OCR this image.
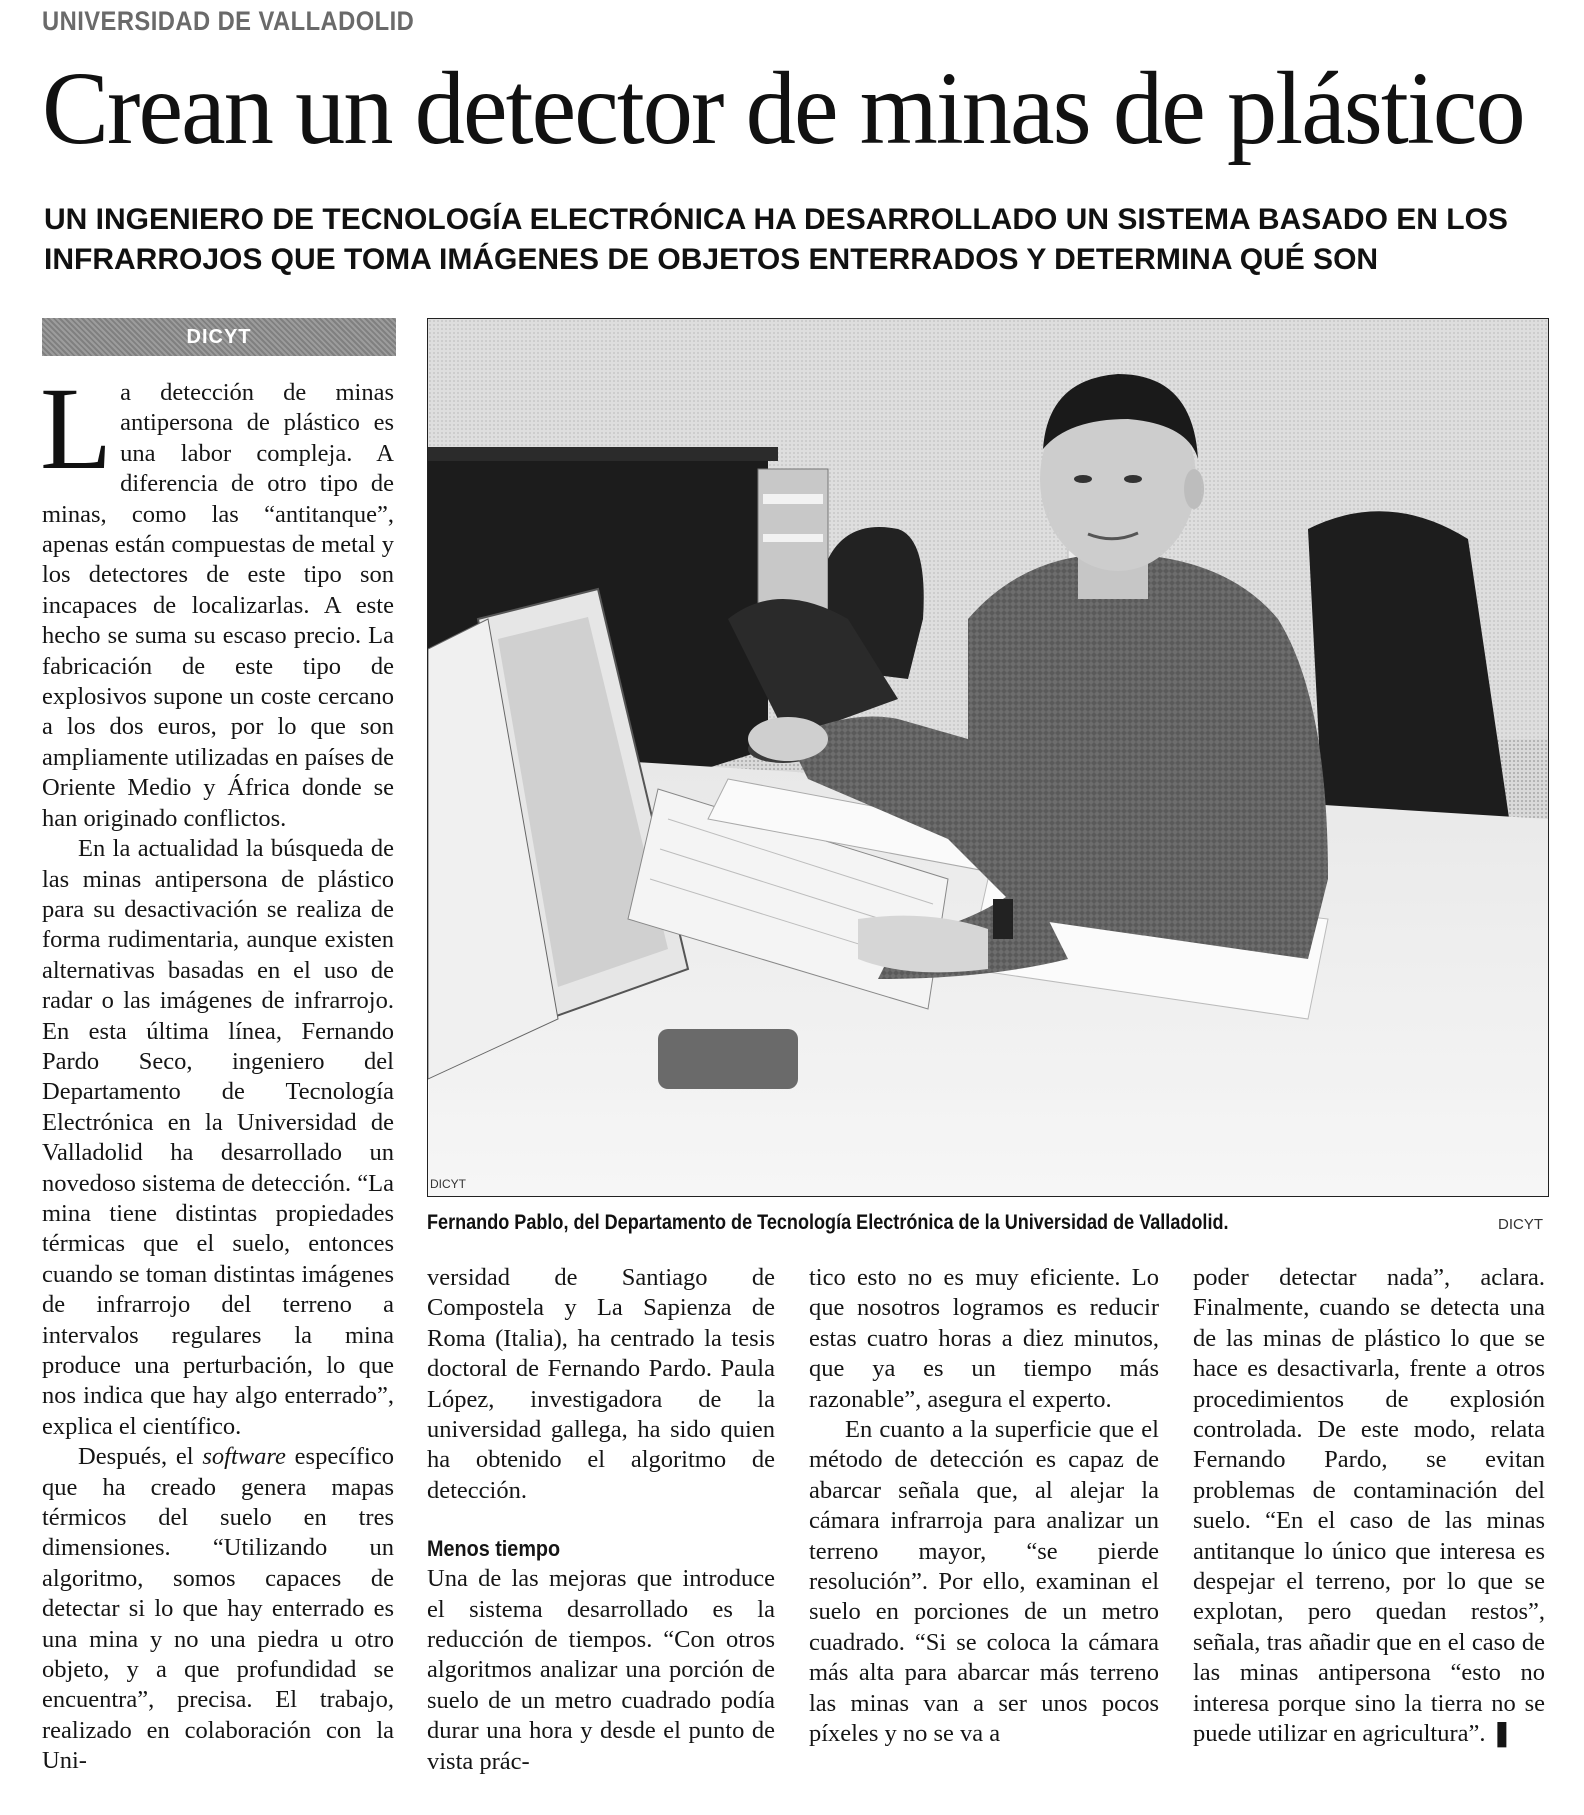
UNIVERSIDAD DE VALLADOLID
Crean un detector de minas de plástico
UN INGENIERO DE TECNOLOGÍA ELECTRÓNICA HA DESARROLLADO UN SISTEMA BASADO EN LOS INFRARROJOS QUE TOMA IMÁGENES DE OBJETOS ENTERRADOS Y DETERMINA QUÉ SON
DICYT

La detección de minas antipersona de plástico es una labor compleja. A diferencia de otro tipo de minas, como las “antitanque”, apenas están compuestas de metal y los detectores de este tipo son incapaces de localizarlas. A este hecho se suma su escaso precio. La fabricación de este tipo de explosivos supone un coste cercano a los dos euros, por lo que son ampliamente utilizadas en países de Oriente Medio y África donde se han originado conflictos.

En la actualidad la búsqueda de las minas antipersona de plástico para su desactivación se realiza de forma rudimentaria, aunque existen alternativas basadas en el uso de radar o las imágenes de infrarrojo. En esta última línea, Fernando Pardo Seco, ingeniero del Departamento de Tecnología Electrónica en la Universidad de Valladolid ha desarrollado un novedoso sistema de detección. “La mina tiene distintas propiedades térmicas que el suelo, entonces cuando se toman distintas imágenes de infrarrojo del terreno a intervalos regulares la mina produce una perturbación, lo que nos indica que hay algo enterrado”, explica el científico.

Después, el software específico que ha creado genera mapas térmicos del suelo en tres dimensiones. “Utilizando un algoritmo, somos capaces de detectar si lo que hay enterrado es una mina y no una piedra u otro objeto, y a que profundidad se encuentra”, precisa. El trabajo, realizado en colaboración con la Uni-

DICYT
Fernando Pablo, del Departamento de Tecnología Electrónica de la Universidad de Valladolid.	DICYT

versidad de Santiago de Compostela y La Sapienza de Roma (Italia), ha centrado la tesis doctoral de Fernando Pardo. Paula López, investigadora de la universidad gallega, ha sido quien ha obtenido el algoritmo de detección.

Menos tiempo

Una de las mejoras que introduce el sistema desarrollado es la reducción de tiempos. “Con otros algoritmos analizar una porción de suelo de un metro cuadrado podía durar una hora y desde el punto de vista prác-

tico esto no es muy eficiente. Lo que nosotros logramos es reducir estas cuatro horas a diez minutos, que ya es un tiempo más razonable”, asegura el experto.

En cuanto a la superficie que el método de detección es capaz de abarcar señala que, al alejar la cámara infrarroja para analizar un terreno mayor, “se pierde resolución”. Por ello, examinan el suelo en porciones de un metro cuadrado. “Si se coloca la cámara más alta para abarcar más terreno las minas van a ser unos pocos píxeles y no se va a

poder detectar nada”, aclara. Finalmente, cuando se detecta una de las minas de plástico lo que se hace es desactivarla, frente a otros procedimientos de explosión controlada. De este modo, relata Fernando Pardo, se evitan problemas de contaminación del suelo. “En el caso de las minas antitanque lo único que interesa es despejar el terreno, por lo que se explotan, pero quedan restos”, señala, tras añadir que en el caso de las minas antipersona “esto no interesa porque sino la tierra no se puede utilizar en agricultura”. ❚
